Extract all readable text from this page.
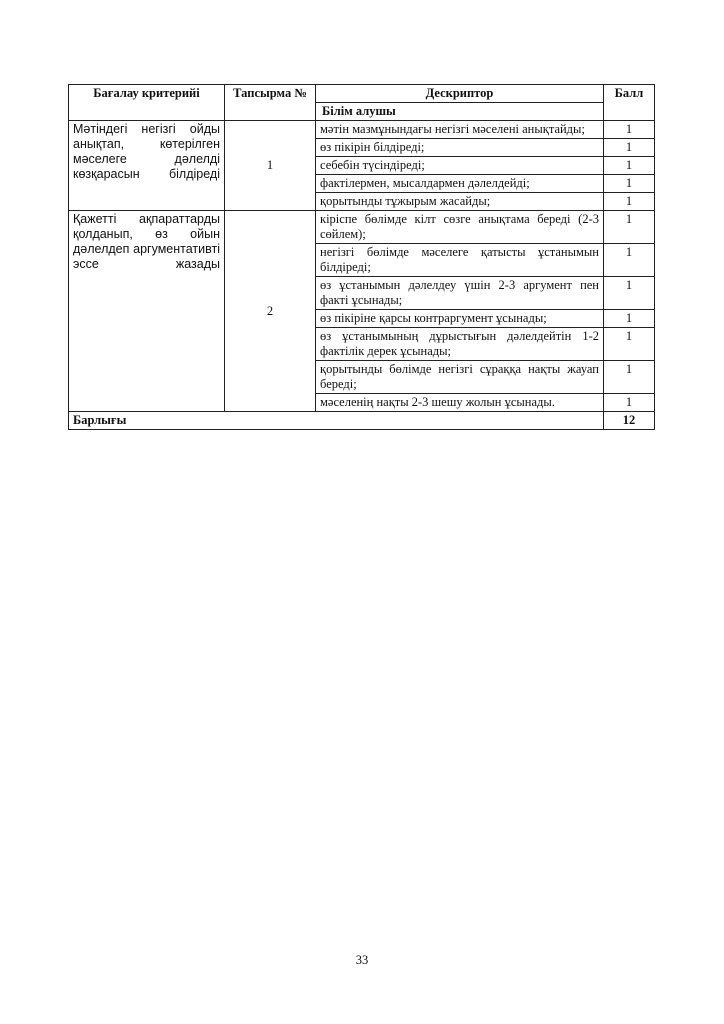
Бағалау критерийі	Тапсырма №	Дескриптор	Балл
		Білім алушы	
Мәтіндегі негізгі ойды анықтап, көтерілген мәселеге дәлелді көзқарасын білдіреді	1	мәтін мазмұнындағы негізгі мәселені анықтайды;	1
		өз пікірін білдіреді;	1
		себебін түсіндіреді;	1
		фактілермен, мысалдармен дәлелдейді;	1
		қорытынды тұжырым жасайды;	1
Қажетті ақпараттарды қолданып, өз ойын дәлелдеп аргументативті эссе жазады	2	кіріспе бөлімде кілт сөзге анықтама береді (2-3 сөйлем);	1
		негізгі бөлімде мәселеге қатысты ұстанымын білдіреді;	1
		өз ұстанымын дәлелдеу үшін 2-3 аргумент пен факті ұсынады;	1
		өз пікіріне қарсы контраргумент ұсынады;	1
		өз ұстанымының дұрыстығын дәлелдейтін 1-2 фактілік дерек ұсынады;	1
		қорытынды бөлімде негізгі сұраққа нақты жауап береді;	1
		мәселенің нақты 2-3 шешу жолын ұсынады.	1
Барлығы			12
33
